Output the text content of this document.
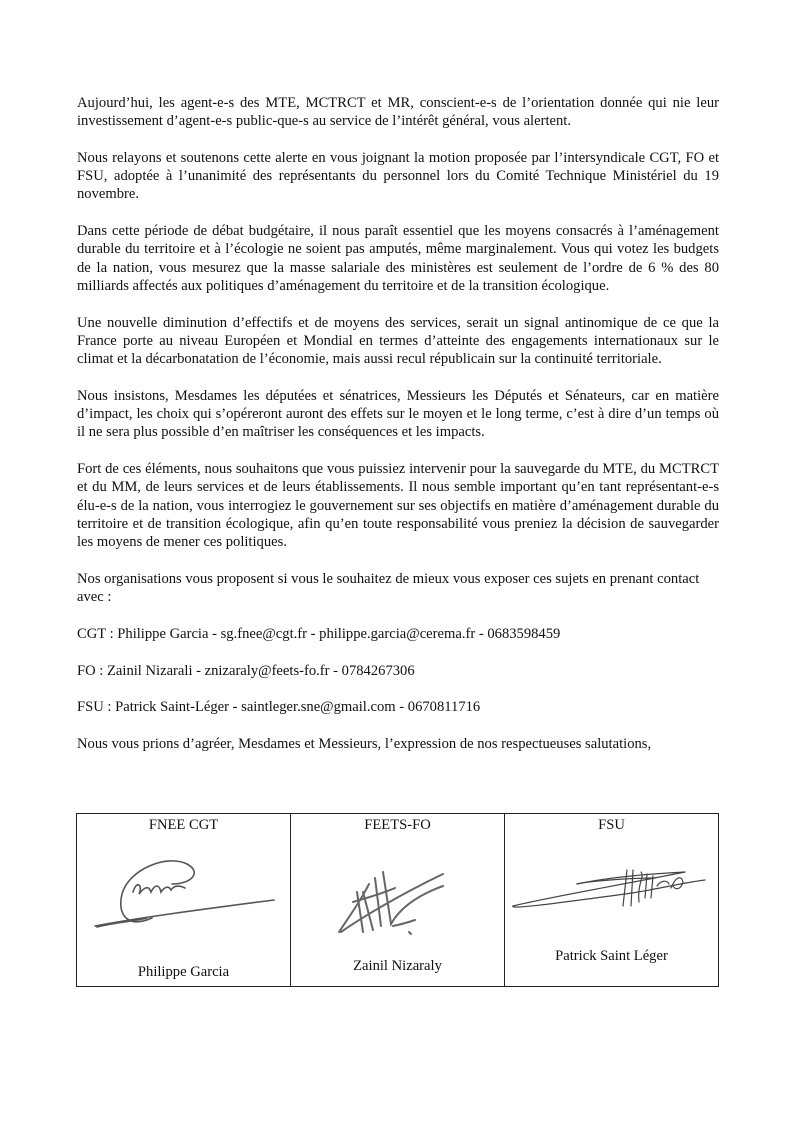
Aujourd’hui, les agent-e-s des MTE, MCTRCT et MR, conscient-e-s de l’orientation donnée qui nie leur investissement d’agent-e-s public-que-s au service de l’intérêt général, vous alertent.

Nous relayons et soutenons cette alerte en vous joignant la motion proposée par l’intersyndicale CGT, FO et FSU, adoptée à l’unanimité des représentants du personnel lors du Comité Technique Ministériel du 19 novembre.

Dans cette période de débat budgétaire, il nous paraît essentiel que les moyens consacrés à l’aménagement durable du territoire et à l’écologie ne soient pas amputés, même marginalement. Vous qui votez les budgets de la nation, vous mesurez que la masse salariale des ministères est seulement de l’ordre de 6 % des 80 milliards affectés aux politiques d’aménagement du territoire et de la transition écologique.

Une nouvelle diminution d’effectifs et de moyens des services, serait un signal antinomique de ce que la France porte au niveau Européen et Mondial en termes d’atteinte des engagements internationaux sur le climat et la décarbonatation de l’économie, mais aussi recul républicain sur la continuité territoriale.

Nous insistons, Mesdames les députées et sénatrices, Messieurs les Députés et Sénateurs, car en matière d’impact, les choix qui s’opéreront auront des effets sur le moyen et le long terme, c’est à dire d’un temps où il ne sera plus possible d’en maîtriser les conséquences et les impacts.

Fort de ces éléments, nous souhaitons que vous puissiez intervenir pour la sauvegarde du MTE, du MCTRCT et du MM, de leurs services et de leurs établissements. Il nous semble important qu’en tant représentant-e-s élu-e-s de la nation, vous interrogiez le gouvernement sur ses objectifs en matière d’aménagement durable du territoire et de transition écologique, afin qu’en toute responsabilité vous preniez la décision de sauvegarder les moyens de mener ces politiques.

Nos organisations vous proposent si vous le souhaitez de mieux vous exposer ces sujets en prenant contact avec :

CGT : Philippe Garcia - sg.fnee@cgt.fr - philippe.garcia@cerema.fr - 0683598459
FO : Zainil Nizarali - znizaraly@feets-fo.fr - 0784267306
FSU : Patrick Saint-Léger - saintleger.sne@gmail.com - 0670811716
Nous vous prions d’agréer, Mesdames et Messieurs, l’expression de nos respectueuses salutations,
FNEE CGT
Philippe Garcia

FEETS-FO
Zainil Nizaraly

FSU
Patrick Saint Léger
